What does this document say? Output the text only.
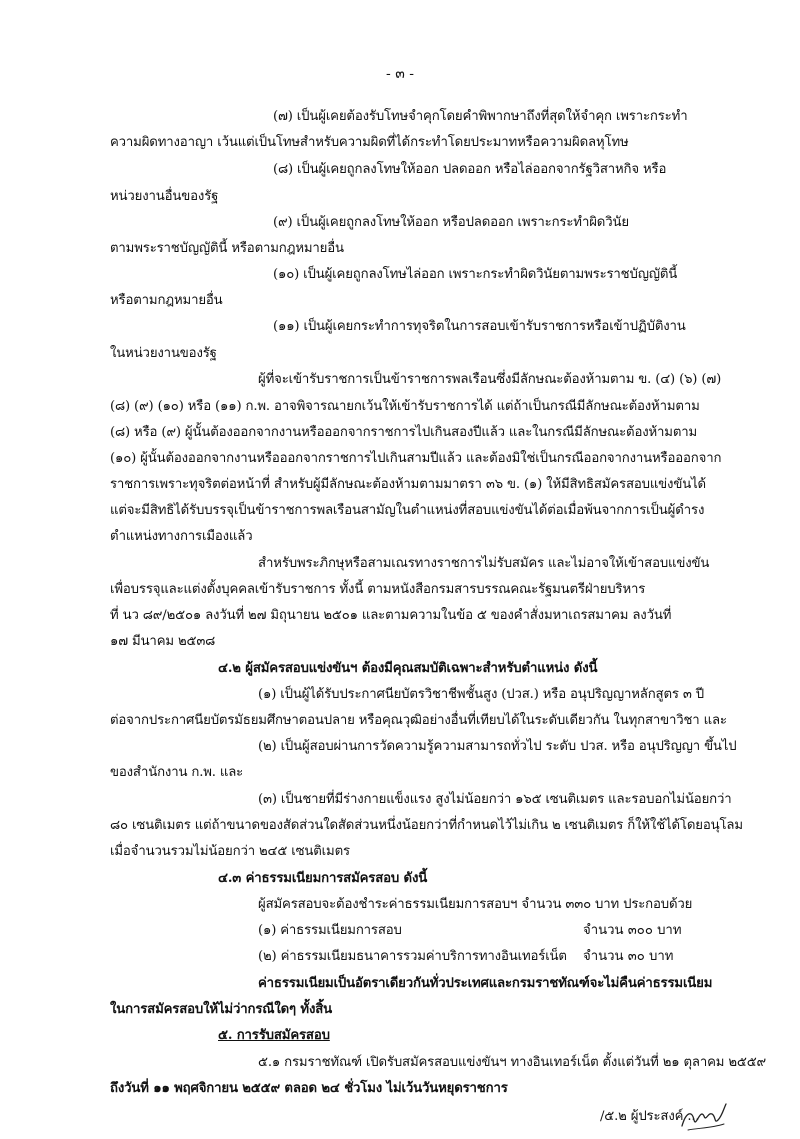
- ๓ -
(๗) เป็นผู้เคยต้องรับโทษจำคุกโดยคำพิพากษาถึงที่สุดให้จำคุก เพราะกระทำ
ความผิดทางอาญา เว้นแต่เป็นโทษสำหรับความผิดที่ได้กระทำโดยประมาทหรือความผิดลหุโทษ
(๘) เป็นผู้เคยถูกลงโทษให้ออก ปลดออก หรือไล่ออกจากรัฐวิสาหกิจ หรือ
หน่วยงานอื่นของรัฐ
(๙) เป็นผู้เคยถูกลงโทษให้ออก หรือปลดออก เพราะกระทำผิดวินัย
ตามพระราชบัญญัตินี้ หรือตามกฎหมายอื่น
(๑๐) เป็นผู้เคยถูกลงโทษไล่ออก เพราะกระทำผิดวินัยตามพระราชบัญญัตินี้
หรือตามกฎหมายอื่น
(๑๑) เป็นผู้เคยกระทำการทุจริตในการสอบเข้ารับราชการหรือเข้าปฏิบัติงาน
ในหน่วยงานของรัฐ
ผู้ที่จะเข้ารับราชการเป็นข้าราชการพลเรือนซึ่งมีลักษณะต้องห้ามตาม ข. (๔) (๖) (๗)
(๘) (๙) (๑๐) หรือ (๑๑) ก.พ. อาจพิจารณายกเว้นให้เข้ารับราชการได้ แต่ถ้าเป็นกรณีมีลักษณะต้องห้ามตาม
(๘) หรือ (๙) ผู้นั้นต้องออกจากงานหรือออกจากราชการไปเกินสองปีแล้ว และในกรณีมีลักษณะต้องห้ามตาม
(๑๐) ผู้นั้นต้องออกจากงานหรือออกจากราชการไปเกินสามปีแล้ว และต้องมิใช่เป็นกรณีออกจากงานหรือออกจาก
ราชการเพราะทุจริตต่อหน้าที่ สำหรับผู้มีลักษณะต้องห้ามตามมาตรา ๓๖ ข. (๑) ให้มีสิทธิสมัครสอบแข่งขันได้
แต่จะมีสิทธิได้รับบรรจุเป็นข้าราชการพลเรือนสามัญในตำแหน่งที่สอบแข่งขันได้ต่อเมื่อพ้นจากการเป็นผู้ดำรง
ตำแหน่งทางการเมืองแล้ว
สำหรับพระภิกษุหรือสามเณรทางราชการไม่รับสมัคร และไม่อาจให้เข้าสอบแข่งขัน
เพื่อบรรจุและแต่งตั้งบุคคลเข้ารับราชการ ทั้งนี้ ตามหนังสือกรมสารบรรณคณะรัฐมนตรีฝ่ายบริหาร
ที่ นว ๘๙/๒๕๐๑ ลงวันที่ ๒๗ มิถุนายน ๒๕๐๑ และตามความในข้อ ๕ ของคำสั่งมหาเถรสมาคม ลงวันที่
๑๗ มีนาคม ๒๕๓๘
๔.๒ ผู้สมัครสอบแข่งขันฯ ต้องมีคุณสมบัติเฉพาะสำหรับตำแหน่ง ดังนี้
(๑) เป็นผู้ได้รับประกาศนียบัตรวิชาชีพชั้นสูง (ปวส.) หรือ อนุปริญญาหลักสูตร ๓ ปี
ต่อจากประกาศนียบัตรมัธยมศึกษาตอนปลาย หรือคุณวุฒิอย่างอื่นที่เทียบได้ในระดับเดียวกัน ในทุกสาขาวิชา และ
(๒) เป็นผู้สอบผ่านการวัดความรู้ความสามารถทั่วไป ระดับ ปวส. หรือ อนุปริญญา ขึ้นไป
ของสำนักงาน ก.พ. และ
(๓) เป็นชายที่มีร่างกายแข็งแรง สูงไม่น้อยกว่า ๑๖๕ เซนติเมตร และรอบอกไม่น้อยกว่า
๘๐ เซนติเมตร แต่ถ้าขนาดของสัดส่วนใดสัดส่วนหนึ่งน้อยกว่าที่กำหนดไว้ไม่เกิน ๒ เซนติเมตร ก็ให้ใช้ได้โดยอนุโลม
เมื่อจำนวนรวมไม่น้อยกว่า ๒๔๕ เซนติเมตร
๔.๓ ค่าธรรมเนียมการสมัครสอบ ดังนี้
ผู้สมัครสอบจะต้องชำระค่าธรรมเนียมการสอบฯ จำนวน ๓๓๐ บาท ประกอบด้วย
(๑) ค่าธรรมเนียมการสอบ	จำนวน ๓๐๐ บาท
(๒) ค่าธรรมเนียมธนาคารรวมค่าบริการทางอินเทอร์เน็ต จำนวน ๓๐ บาท
ค่าธรรมเนียมเป็นอัตราเดียวกันทั่วประเทศและกรมราชทัณฑ์จะไม่คืนค่าธรรมเนียม
ในการสมัครสอบให้ไม่ว่ากรณีใดๆ ทั้งสิ้น
๕. การรับสมัครสอบ
๕.๑ กรมราชทัณฑ์ เปิดรับสมัครสอบแข่งขันฯ ทางอินเทอร์เน็ต ตั้งแต่วันที่ ๒๑ ตุลาคม ๒๕๕๙
ถึงวันที่ ๑๑ พฤศจิกายน ๒๕๕๙ ตลอด ๒๔ ชั่วโมง ไม่เว้นวันหยุดราชการ
/๕.๒ ผู้ประสงค์ ...
